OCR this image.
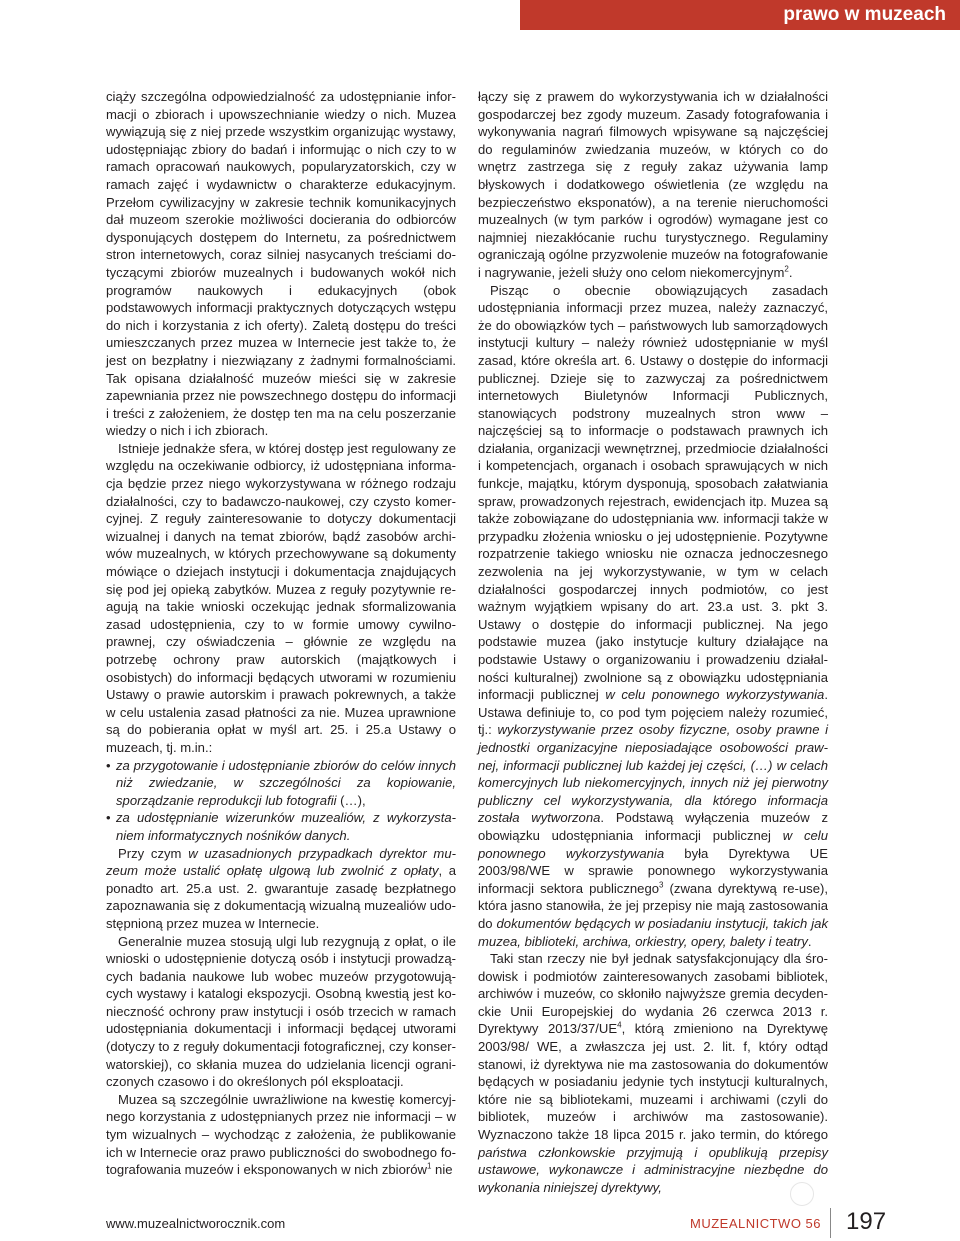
prawo w muzeach

ciąży szczególna odpowiedzialność za udostępnianie informacji o zbiorach i upowszechnianie wiedzy o nich. Muzea wywiązują się z niej przede wszystkim organizując wystawy, udostępniając zbiory do badań i informując o nich czy to w ramach opracowań naukowych, popularyzatorskich, czy w ramach zajęć i wydawnictw o charakterze edukacyjnym. Przełom cywilizacyjny w zakresie technik komunikacyjnych dał muzeom szerokie możliwości docierania do odbiorców dysponujących dostępem do Internetu, za pośrednictwem stron internetowych, coraz silniej nasycanych treściami dotyczącymi zbiorów muzealnych i budowanych wokół nich programów naukowych i edukacyjnych (obok podstawowych informacji praktycznych dotyczących wstępu do nich i korzystania z ich oferty). Zaletą dostępu do treści umieszczanych przez muzea w Internecie jest także to, że jest on bezpłatny i niezwiązany z żadnymi formalnościami. Tak opisana działalność muzeów mieści się w zakresie zapewniania przez nie powszechnego dostępu do informacji i treści z założeniem, że dostęp ten ma na celu poszerzanie wiedzy o nich i ich zbiorach.

Istnieje jednakże sfera, w której dostęp jest regulowany ze względu na oczekiwanie odbiorcy, iż udostępniana informacja będzie przez niego wykorzystywana w różnego rodzaju działalności, czy to badawczo-naukowej, czy czysto komercyjnej. Z reguły zainteresowanie to dotyczy dokumentacji wizualnej i danych na temat zbiorów, bądź zasobów archiwów muzealnych, w których przechowywane są dokumenty mówiące o dziejach instytucji i dokumentacja znajdujących się pod jej opieką zabytków. Muzea z reguły pozytywnie reagują na takie wnioski oczekując jednak sformalizowania zasad udostępnienia, czy to w formie umowy cywilno-prawnej, czy oświadczenia – głównie ze względu na potrzebę ochrony praw autorskich (majątkowych i osobistych) do informacji będących utworami w rozumieniu Ustawy o prawie autorskim i prawach pokrewnych, a także w celu ustalenia zasad płatności za nie. Muzea uprawnione są do pobierania opłat w myśl art. 25. i 25.a Ustawy o muzeach, tj. m.in.:

• za przygotowanie i udostępnianie zbiorów do celów innych niż zwiedzanie, w szczególności za kopiowanie, sporządzanie reprodukcji lub fotografii (…),
• za udostępnianie wizerunków muzealiów, z wykorzystaniem informatycznych nośników danych.

Przy czym w uzasadnionych przypadkach dyrektor muzeum może ustalić opłatę ulgową lub zwolnić z opłaty, a ponadto art. 25.a ust. 2. gwarantuje zasadę bezpłatnego zapoznawania się z dokumentacją wizualną muzealiów udostępnioną przez muzea w Internecie.

Generalnie muzea stosują ulgi lub rezygnują z opłat, o ile wnioski o udostępnienie dotyczą osób i instytucji prowadzących badania naukowe lub wobec muzeów przygotowujących wystawy i katalogi ekspozycji. Osobną kwestią jest konieczność ochrony praw instytucji i osób trzecich w ramach udostępniania dokumentacji i informacji będącej utworami (dotyczy to z reguły dokumentacji fotograficznej, czy konserwatorskiej), co skłania muzea do udzielania licencji ograniczonych czasowo i do określonych pól eksploatacji.

Muzea są szczególnie uwrażliwione na kwestię komercyjnego korzystania z udostępnianych przez nie informacji – w tym wizualnych – wychodząc z założenia, że publikowanie ich w Internecie oraz prawo publiczności do swobodnego fotografowania muzeów i eksponowanych w nich zbiorów$^1$ nie

łączy się z prawem do wykorzystywania ich w działalności gospodarczej bez zgody muzeum. Zasady fotografowania i wykonywania nagrań filmowych wpisywane są najczęściej do regulaminów zwiedzania muzeów, w których co do wnętrz zastrzega się z reguły zakaz używania lamp błyskowych i dodatkowego oświetlenia (ze względu na bezpieczeństwo eksponatów), a na terenie nieruchomości muzealnych (w tym parków i ogrodów) wymagane jest co najmniej niezakłócanie ruchu turystycznego. Regulaminy ograniczają ogólne przyzwolenie muzeów na fotografowanie i nagrywanie, jeżeli służy ono celom niekomercyjnym$^2$.

Pisząc o obecnie obowiązujących zasadach udostępniania informacji przez muzea, należy zaznaczyć, że do obowiązków tych – państwowych lub samorządowych instytucji kultury – należy również udostępnianie w myśl zasad, które określa art. 6. Ustawy o dostępie do informacji publicznej. Dzieje się to zazwyczaj za pośrednictwem internetowych Biuletynów Informacji Publicznych, stanowiących podstrony muzealnych stron www – najczęściej są to informacje o podstawach prawnych ich działania, organizacji wewnętrznej, przedmiocie działalności i kompetencjach, organach i osobach sprawujących w nich funkcje, majątku, którym dysponują, sposobach załatwiania spraw, prowadzonych rejestrach, ewidencjach itp. Muzea są także zobowiązane do udostępniania ww. informacji także w przypadku złożenia wniosku o jej udostępnienie. Pozytywne rozpatrzenie takiego wniosku nie oznacza jednoczesnego zezwolenia na jej wykorzystywanie, w tym w celach działalności gospodarczej innych podmiotów, co jest ważnym wyjątkiem wpisany do art. 23.a ust. 3. pkt 3. Ustawy o dostępie do informacji publicznej. Na jego podstawie muzea (jako instytucje kultury działające na podstawie Ustawy o organizowaniu i prowadzeniu działalności kulturalnej) zwolnione są z obowiązku udostępniania informacji publicznej w celu ponownego wykorzystywania. Ustawa definiuje to, co pod tym pojęciem należy rozumieć, tj.: wykorzystywanie przez osoby fizyczne, osoby prawne i jednostki organizacyjne nieposiadające osobowości prawnej, informacji publicznej lub każdej jej części, (…) w celach komercyjnych lub niekomercyjnych, innych niż jej pierwotny publiczny cel wykorzystywania, dla którego informacja została wytworzona. Podstawą wyłączenia muzeów z obowiązku udostępniania informacji publicznej w celu ponownego wykorzystywania była Dyrektywa UE 2003/98/WE w sprawie ponownego wykorzystywania informacji sektora publicznego$^3$ (zwana dyrektywą re-use), która jasno stanowiła, że jej przepisy nie mają zastosowania do dokumentów będących w posiadaniu instytucji, takich jak muzea, biblioteki, archiwa, orkiestry, opery, balety i teatry.

Taki stan rzeczy nie był jednak satysfakcjonujący dla środowisk i podmiotów zainteresowanych zasobami bibliotek, archiwów i muzeów, co skłoniło najwyższe gremia decydenckie Unii Europejskiej do wydania 26 czerwca 2013 r. Dyrektywy $2013/37/UE^4$, którą zmieniono na Dyrektywę 2003/98/ WE, a zwłaszcza jej ust. 2. lit. f, który odtąd stanowi, iż dyrektywa nie ma zastosowania do dokumentów będących w posiadaniu jedynie tych instytucji kulturalnych, które nie są bibliotekami, muzeami i archiwami (czyli do bibliotek, muzeów i archiwów ma zastosowanie). Wyznaczono także 18 lipca 2015 r. jako termin, do którego państwa członkowskie przyjmują i opublikują przepisy ustawowe, wykonawcze i administracyjne niezbędne do wykonania niniejszej dyrektywy,

www.muzealnictworocznik.com	MUZEALNICTWO 56 197
